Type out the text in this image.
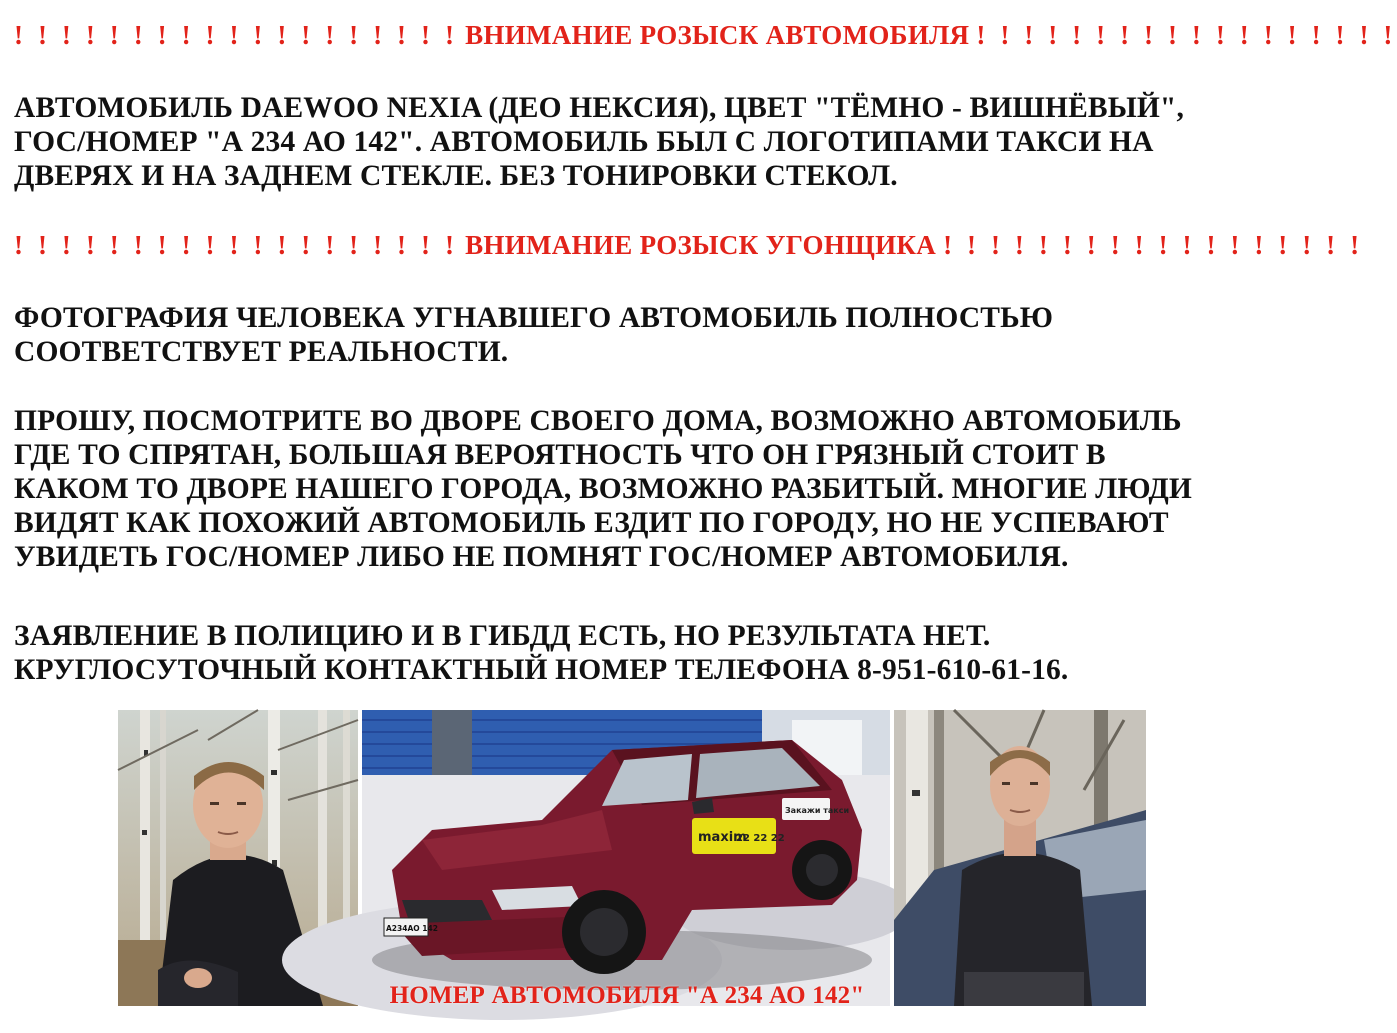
! ! ! ! ! ! ! ! ! ! ! ! ! ! ! ! ! ! ! ВНИМАНИЕ РОЗЫСК АВТОМОБИЛЯ ! ! ! ! ! ! ! ! ! ! ! ! ! ! ! ! ! !
АВТОМОБИЛЬ DAEWOO NEXIA (ДЕО НЕКСИЯ), ЦВЕТ "ТЁМНО - ВИШНЁВЫЙ",
ГОС/НОМЕР "А 234 АО 142". АВТОМОБИЛЬ БЫЛ С ЛОГОТИПАМИ ТАКСИ НА
ДВЕРЯХ И НА ЗАДНЕМ СТЕКЛЕ. БЕЗ ТОНИРОВКИ СТЕКОЛ.
! ! ! ! ! ! ! ! ! ! ! ! ! ! ! ! ! ! ! ВНИМАНИЕ РОЗЫСК УГОНЩИКА ! ! ! ! ! ! ! ! ! ! ! ! ! ! ! ! ! !
ФОТОГРАФИЯ ЧЕЛОВЕКА УГНАВШЕГО АВТОМОБИЛЬ ПОЛНОСТЬЮ
СООТВЕТСТВУЕТ РЕАЛЬНОСТИ.
ПРОШУ, ПОСМОТРИТЕ ВО ДВОРЕ СВОЕГО ДОМА, ВОЗМОЖНО АВТОМОБИЛЬ
ГДЕ ТО СПРЯТАН, БОЛЬШАЯ ВЕРОЯТНОСТЬ ЧТО ОН ГРЯЗНЫЙ СТОИТ В
КАКОМ ТО ДВОРЕ НАШЕГО ГОРОДА, ВОЗМОЖНО РАЗБИТЫЙ. МНОГИЕ ЛЮДИ
ВИДЯТ КАК ПОХОЖИЙ АВТОМОБИЛЬ ЕЗДИТ ПО ГОРОДУ, НО НЕ УСПЕВАЮТ
УВИДЕТЬ ГОС/НОМЕР ЛИБО НЕ ПОМНЯТ ГОС/НОМЕР АВТОМОБИЛЯ.
ЗАЯВЛЕНИЕ В ПОЛИЦИЮ И В ГИБДД ЕСТЬ, НО РЕЗУЛЬТАТА НЕТ.
КРУГЛОСУТОЧНЫЙ КОНТАКТНЫЙ НОМЕР ТЕЛЕФОНА 8-951-610-61-16.
maxim
22 22 22
Закажи такси
А234АО 142
НОМЕР АВТОМОБИЛЯ "А 234 АО 142"
